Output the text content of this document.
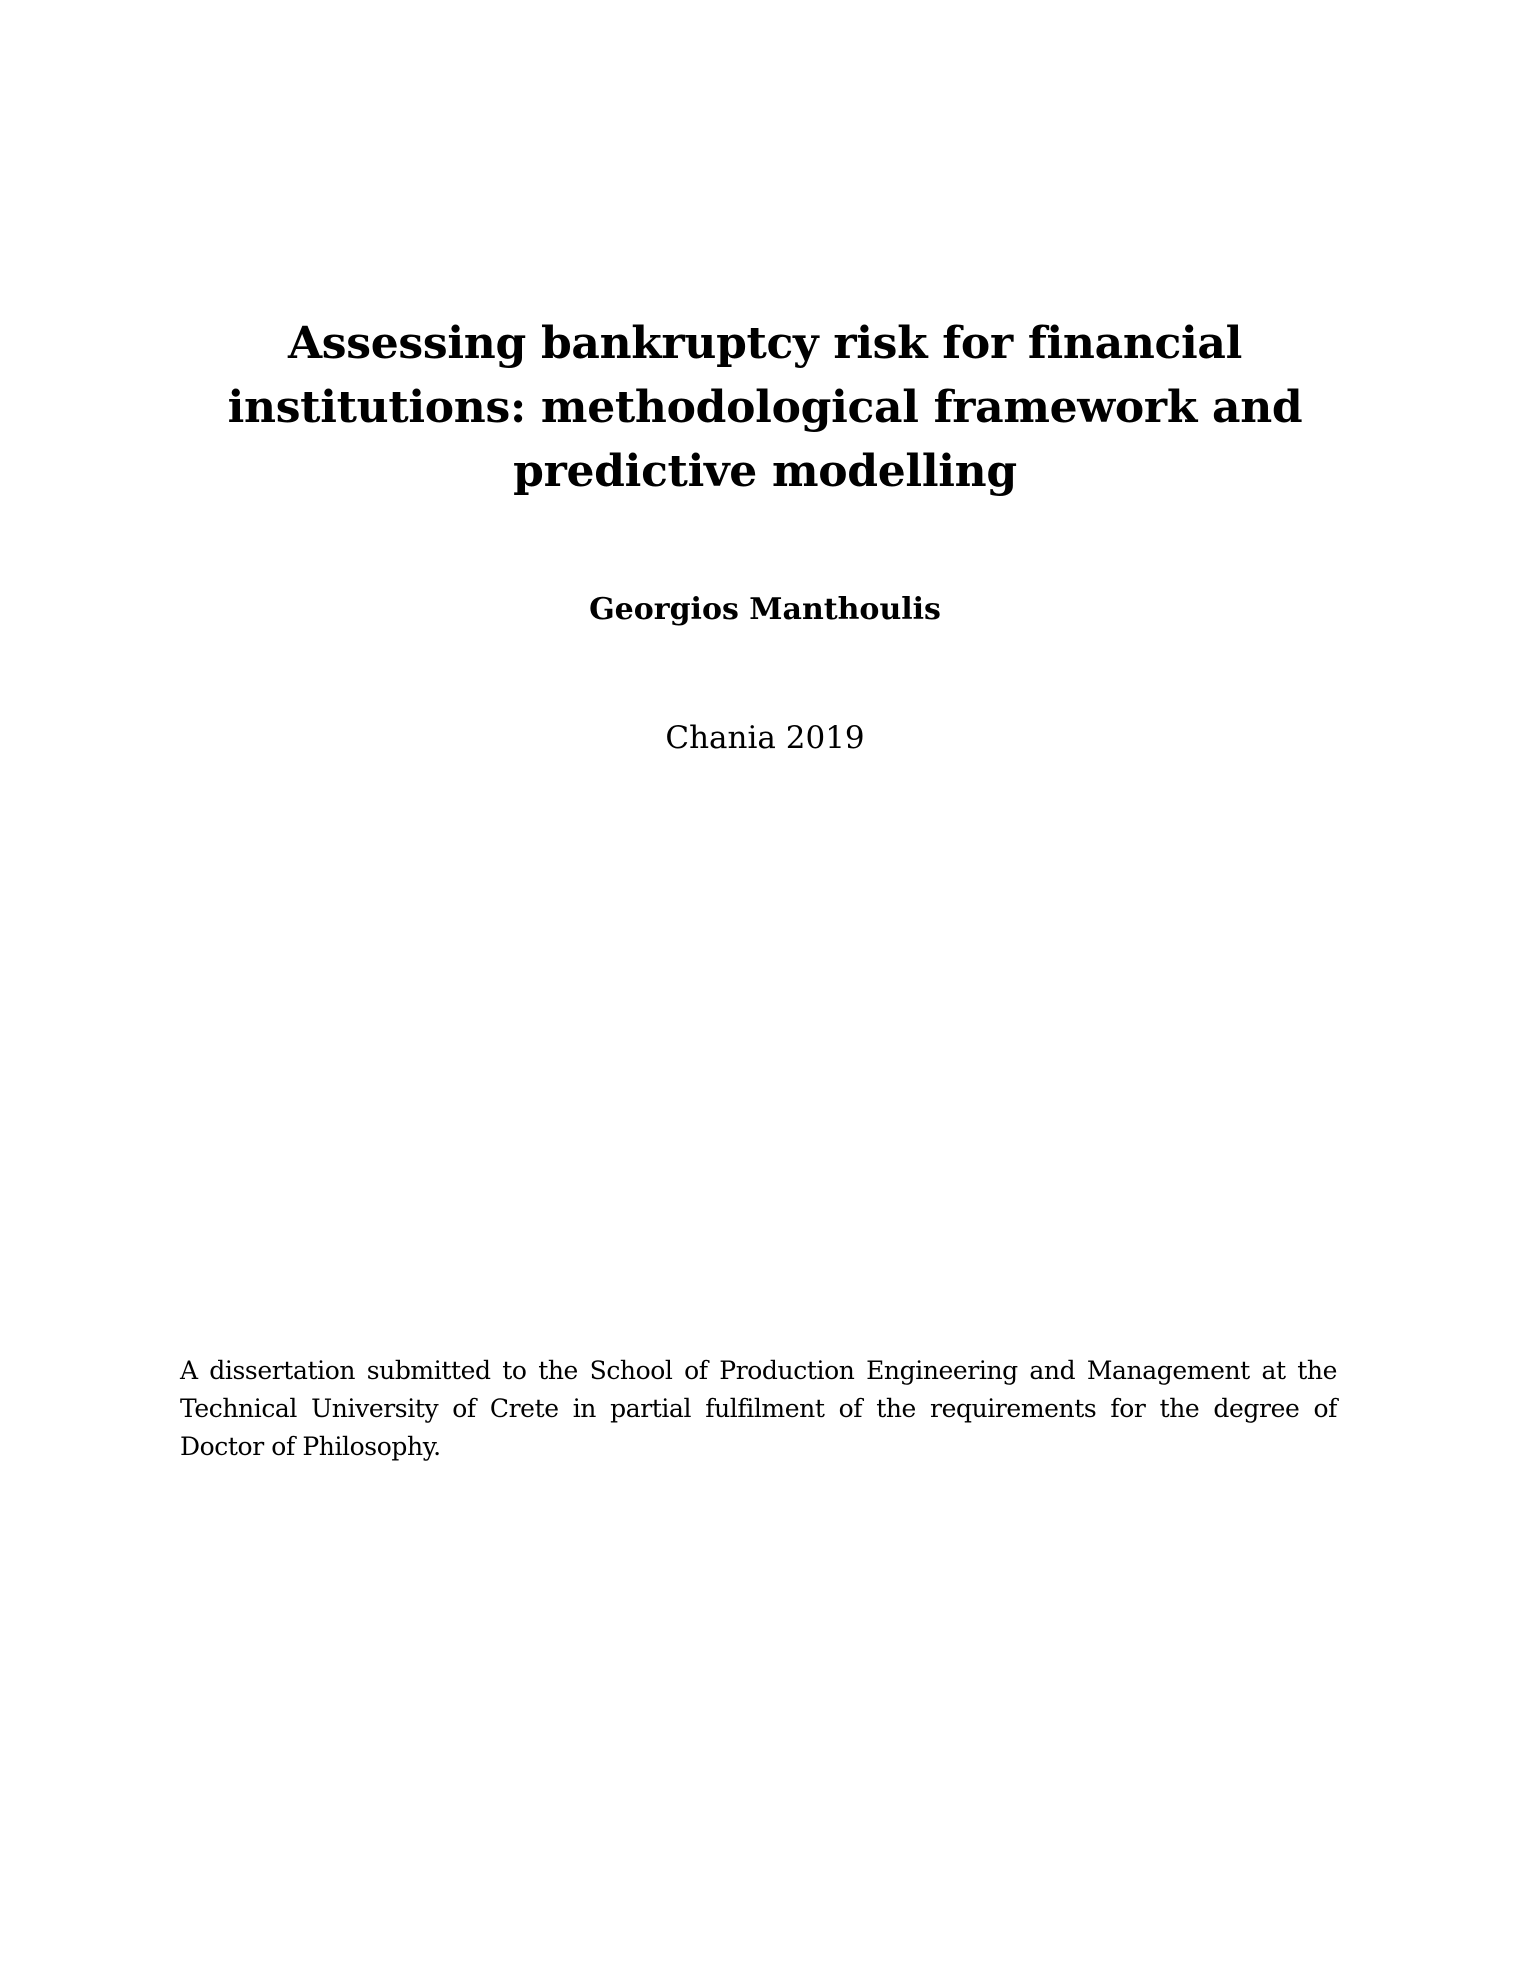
Assessing bankruptcy risk for financial
institutions: methodological framework and
predictive modelling
Georgios Manthoulis
Chania 2019

A dissertation submitted to the School of Production Engineering and Management at the Technical University of Crete in partial fulfilment of the requirements for the degree of Doctor of Philosophy.
